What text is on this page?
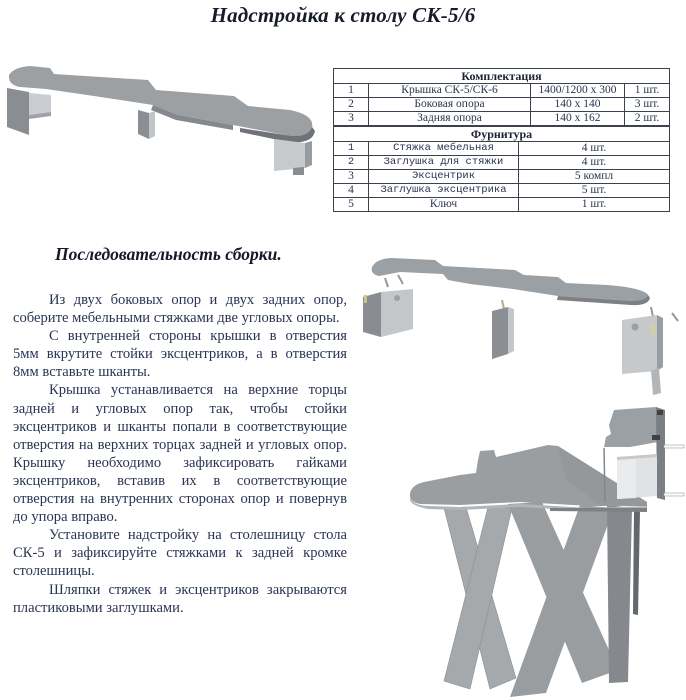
Надстройка к столу СК-5/6
Комплектация			
1	Крышка СК-5/СК-6	1400/1200 x 300	1 шт.
2	Боковая опора	140 x 140	3 шт.
3	Задняя опора	140 x 162	2 шт.
Фурнитура		
1	Стяжка мебельная	4 шт.
2	Заглушка для стяжки	4 шт.
3	Эксцентрик	5 компл
4	Заглушка эксцентрика	5 шт.
5	Ключ	1 шт.
Последовательность сборки.

Из двух боковых опор и двух задних опор, соберите мебельными стяжками две угловых опоры.

С внутренней стороны крышки в отверстия 5мм вкрутите стойки эксцентриков, а в отверстия 8мм вставьте шканты.

Крышка устанавливается на верхние торцы задней и угловых опор так, чтобы стойки эксцентриков и шканты попали в соответствующие отверстия на верхних торцах задней и угловых опор. Крышку необходимо зафиксировать гайками эксцентриков, вставив их в соответствующие отверстия на внутренних сторонах опор и повернув до упора вправо.

Установите надстройку на столешницу стола СК-5 и зафиксируйте стяжками к задней кромке столешницы.

Шляпки стяжек и эксцентриков закрываются пластиковыми заглушками.
